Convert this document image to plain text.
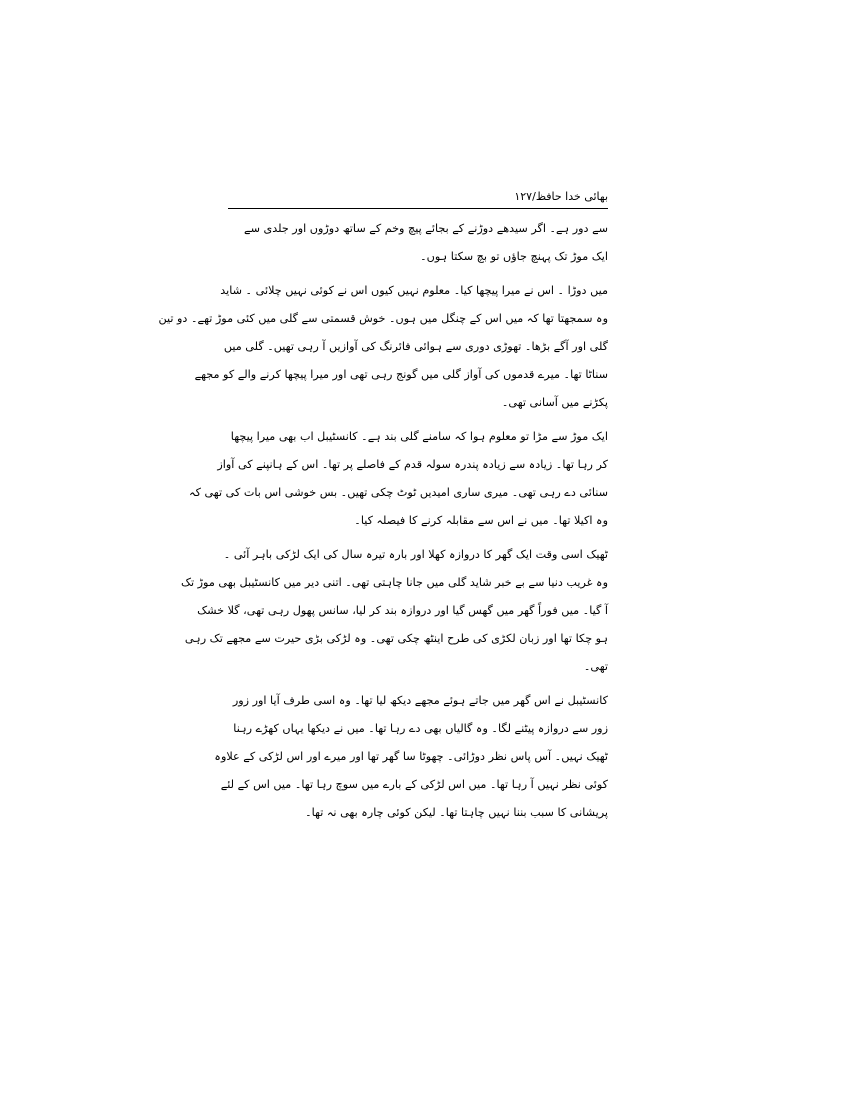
بھائی خدا حافظ/۱۲۷
سے دور ہے۔ اگر سیدھے دوڑنے کے بجائے پیچ وخم کے ساتھ دوڑوں اور جلدی سے
ایک موڑ تک پہنچ جاؤں تو بچ سکتا ہوں۔
میں دوڑا ۔ اس نے میرا پیچھا کیا۔ معلوم نہیں کیوں اس نے کوئی نہیں چلائی ۔ شاید
وہ سمجھتا تھا کہ میں اس کے چنگل میں ہوں۔ خوش قسمتی سے گلی میں کئی موڑ تھے۔ دو تین
گلی اور آگے بڑھا۔ تھوڑی دوری سے ہوائی فائرنگ کی آوازیں آ رہی تھیں۔ گلی میں
سناٹا تھا۔ میرے قدموں کی آواز گلی میں گونج رہی تھی اور میرا پیچھا کرنے والے کو مجھے
پکڑنے میں آسانی تھی۔
ایک موڑ سے مڑا تو معلوم ہوا کہ سامنے گلی بند ہے۔ کانسٹیبل اب بھی میرا پیچھا
کر رہا تھا۔ زیادہ سے زیادہ پندرہ سولہ قدم کے فاصلے پر تھا۔ اس کے ہانپنے کی آواز
سنائی دے رہی تھی۔ میری ساری امیدیں ٹوٹ چکی تھیں۔ بس خوشی اس بات کی تھی کہ
وہ اکیلا تھا۔ میں نے اس سے مقابلہ کرنے کا فیصلہ کیا۔
ٹھیک اسی وقت ایک گھر کا دروازہ کھلا اور بارہ تیرہ سال کی ایک لڑکی باہر آئی ۔
وہ غریب دنیا سے بے خبر شاید گلی میں جانا چاہتی تھی۔ اتنی دیر میں کانسٹیبل بھی موڑ تک
آ گیا۔ میں فوراً گھر میں گھس گیا اور دروازہ بند کر لیا، سانس پھول رہی تھی، گلا خشک
ہو چکا تھا اور زبان لکڑی کی طرح اینٹھ چکی تھی۔ وہ لڑکی بڑی حیرت سے مجھے تک رہی
تھی۔
کانسٹیبل نے اس گھر میں جاتے ہوئے مجھے دیکھ لیا تھا۔ وہ اسی طرف آیا اور زور
زور سے دروازہ پیٹنے لگا۔ وہ گالیاں بھی دے رہا تھا۔ میں نے دیکھا یہاں کھڑے رہنا
ٹھیک نہیں۔ آس پاس نظر دوڑائی۔ چھوٹا سا گھر تھا اور میرے اور اس لڑکی کے علاوہ
کوئی نظر نہیں آ رہا تھا۔ میں اس لڑکی کے بارے میں سوچ رہا تھا۔ میں اس کے لئے
پریشانی کا سبب بننا نہیں چاہتا تھا۔ لیکن کوئی چارہ بھی نہ تھا۔
